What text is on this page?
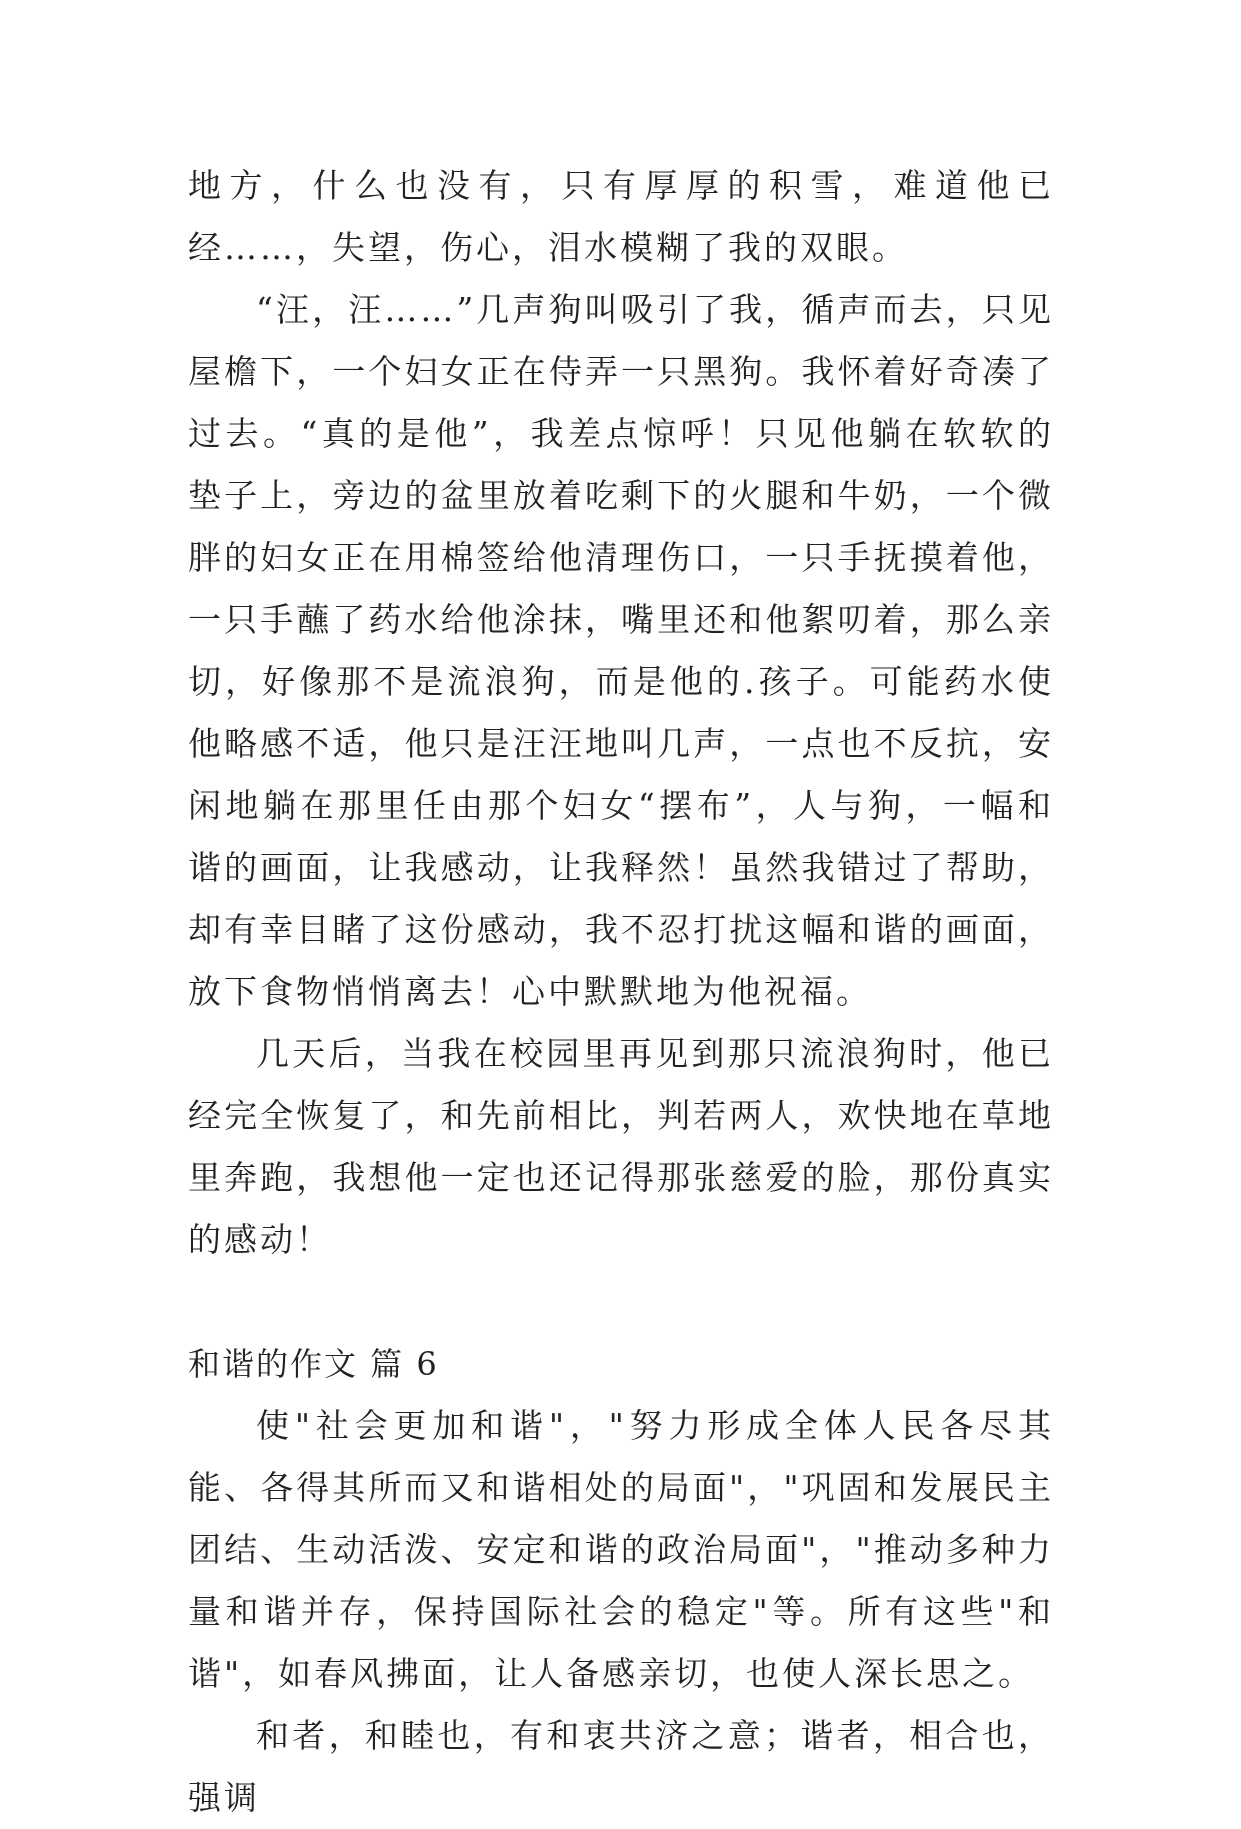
地方，什么也没有，只有厚厚的积雪，难道他已经……，失望，伤心，泪水模糊了我的双眼。

“汪，汪……”几声狗叫吸引了我，循声而去，只见屋檐下，一个妇女正在侍弄一只黑狗。我怀着好奇凑了过去。“真的是他”，我差点惊呼！只见他躺在软软的垫子上，旁边的盆里放着吃剩下的火腿和牛奶，一个微胖的妇女正在用棉签给他清理伤口，一只手抚摸着他，一只手蘸了药水给他涂抹，嘴里还和他絮叨着，那么亲切，好像那不是流浪狗，而是他的.孩子。可能药水使他略感不适，他只是汪汪地叫几声，一点也不反抗，安闲地躺在那里任由那个妇女“摆布”，人与狗，一幅和谐的画面，让我感动，让我释然！虽然我错过了帮助，却有幸目睹了这份感动，我不忍打扰这幅和谐的画面，放下食物悄悄离去！心中默默地为他祝福。

几天后，当我在校园里再见到那只流浪狗时，他已经完全恢复了，和先前相比，判若两人，欢快地在草地里奔跑，我想他一定也还记得那张慈爱的脸，那份真实的感动！

和谐的作文 篇 6

使"社会更加和谐"，"努力形成全体人民各尽其能、各得其所而又和谐相处的局面"，"巩固和发展民主团结、生动活泼、安定和谐的政治局面"，"推动多种力量和谐并存，保持国际社会的稳定"等。所有这些"和谐"，如春风拂面，让人备感亲切，也使人深长思之。

和者，和睦也，有和衷共济之意；谐者，相合也，强调
